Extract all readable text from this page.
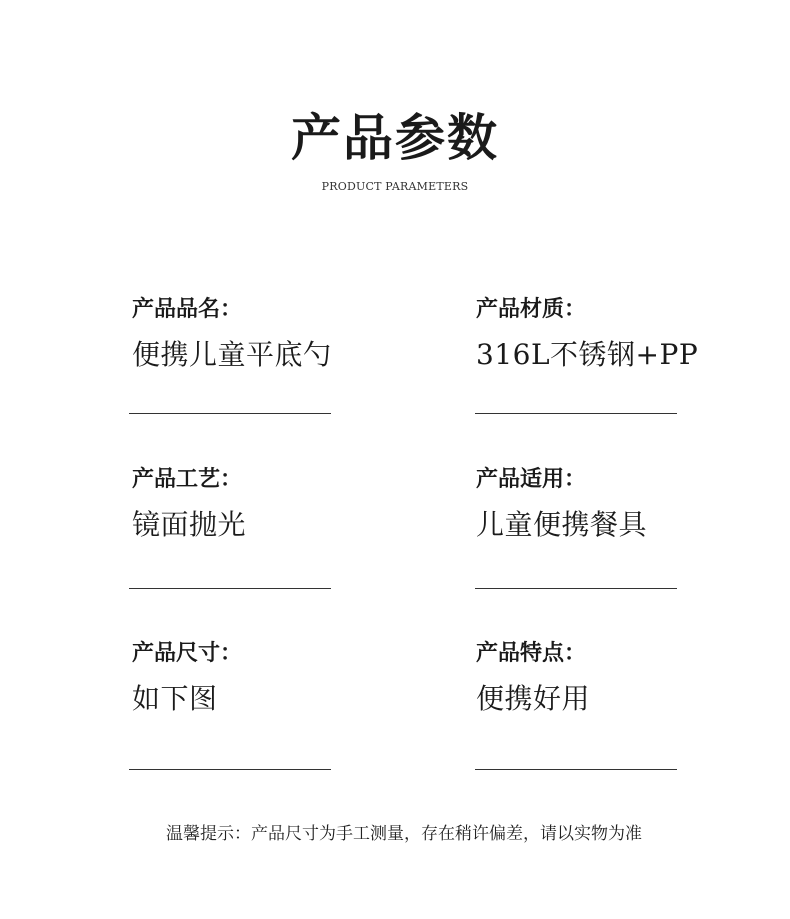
产品参数
PRODUCT PARAMETERS
产品品名：
便携儿童平底勺
产品材质：
316L不锈钢+PP
产品工艺：
镜面抛光
产品适用：
儿童便携餐具
产品尺寸：
如下图
产品特点：
便携好用
温馨提示：产品尺寸为手工测量，存在稍许偏差，请以实物为准
